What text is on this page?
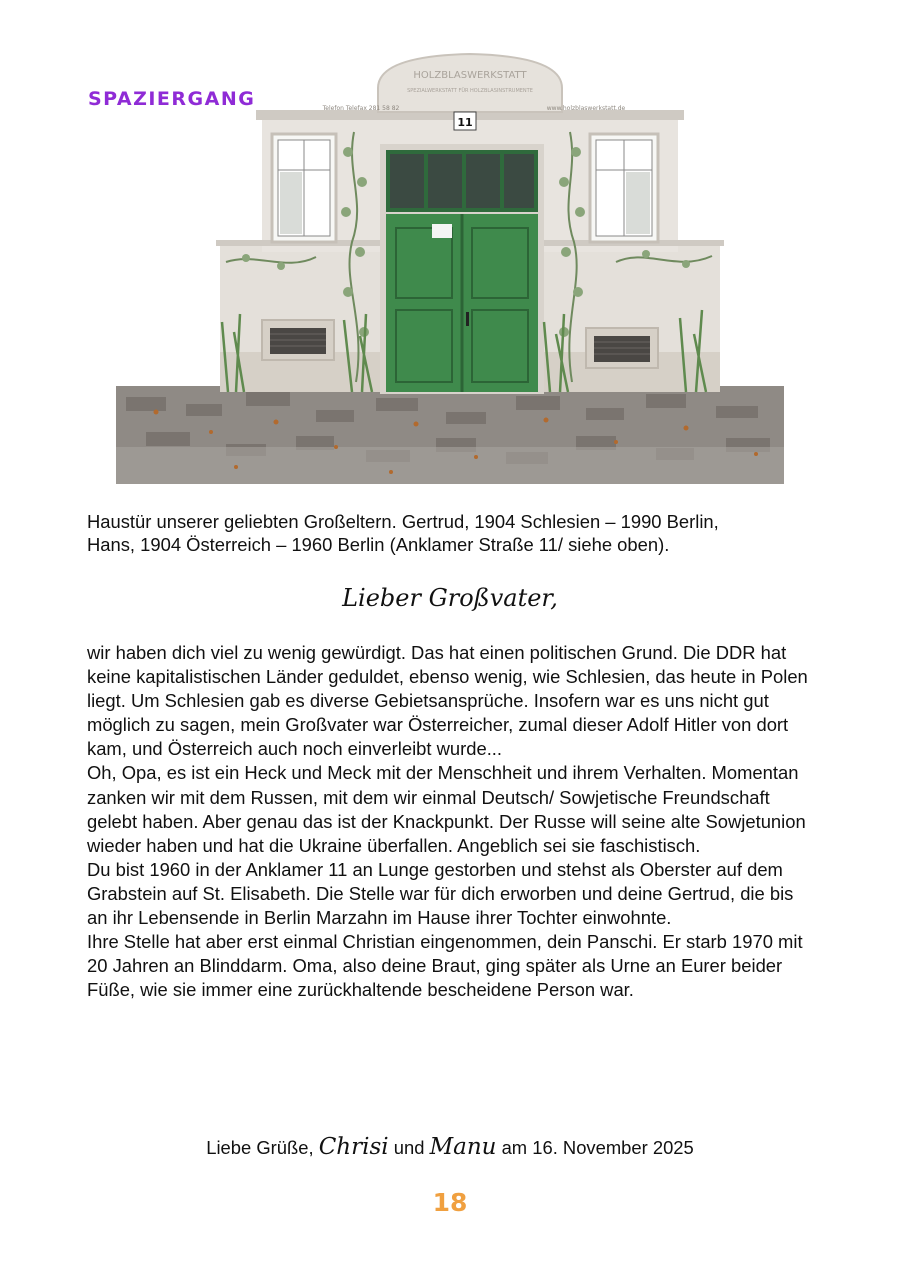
SPAZIERGANG
HOLZBLASWERKSTATT
SPEZIALWERKSTATT FÜR HOLZBLASINSTRUMENTE
Telefon Telefax 281 58 82	www.holzblaswerkstatt.de
11

Haustür unserer geliebten Großeltern. Gertrud, 1904 Schlesien – 1990 Berlin,

Hans, 1904 Österreich – 1960 Berlin (Anklamer Straße 11/ siehe oben).

Lieber Großvater,

wir haben dich viel zu wenig gewürdigt. Das hat einen politischen Grund. Die DDR hat keine kapitalistischen Länder geduldet, ebenso wenig, wie Schlesien, das heute in Polen liegt. Um Schlesien gab es diverse Gebietsansprüche. Insofern war es uns nicht gut möglich zu sagen, mein Großvater war Österreicher, zumal dieser Adolf Hitler von dort kam, und Österreich auch noch einverleibt wurde...

Oh, Opa, es ist ein Heck und Meck mit der Menschheit und ihrem Verhalten. Momentan zanken wir mit dem Russen, mit dem wir einmal Deutsch/ Sowjetische Freundschaft gelebt haben. Aber genau das ist der Knackpunkt. Der Russe will seine alte Sowjetunion wieder haben und hat die Ukraine überfallen. Angeblich sei sie faschistisch.

Du bist 1960 in der Anklamer 11 an Lunge gestorben und stehst als Oberster auf dem Grabstein auf St. Elisabeth. Die Stelle war für dich erworben und deine Gertrud, die bis an ihr Lebensende in Berlin Marzahn im Hause ihrer Tochter einwohnte.

Ihre Stelle hat aber erst einmal Christian eingenommen, dein Panschi. Er starb 1970 mit 20 Jahren an Blinddarm. Oma, also deine Braut, ging später als Urne an Eurer beider Füße, wie sie immer eine zurückhaltende bescheidene Person war.

Liebe Grüße, Chrisi und Manu am 16. November 2025
18
